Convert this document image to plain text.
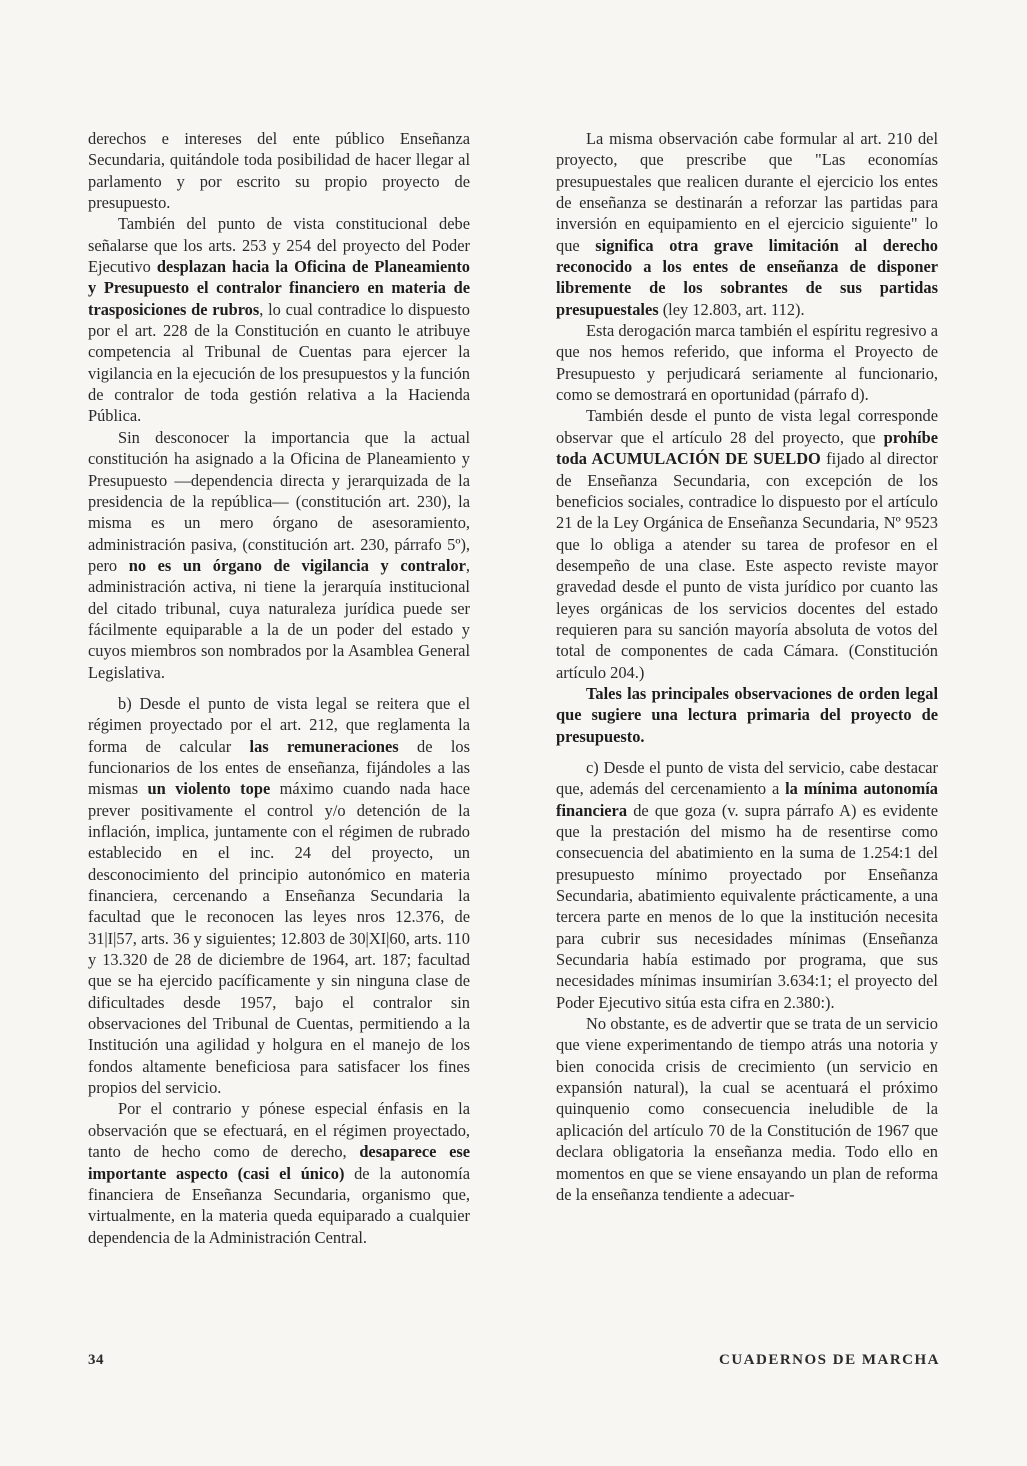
derechos e intereses del ente público Enseñanza Secundaria, quitándole toda posibilidad de hacer llegar al parlamento y por escrito su propio proyecto de presupuesto.

También del punto de vista constitucional debe señalarse que los arts. 253 y 254 del proyecto del Poder Ejecutivo desplazan hacia la Oficina de Planeamiento y Presupuesto el contralor financiero en materia de trasposiciones de rubros, lo cual contradice lo dispuesto por el art. 228 de la Constitución en cuanto le atribuye competencia al Tribunal de Cuentas para ejercer la vigilancia en la ejecución de los presupuestos y la función de contralor de toda gestión relativa a la Hacienda Pública.

Sin desconocer la importancia que la actual constitución ha asignado a la Oficina de Planeamiento y Presupuesto —dependencia directa y jerarquizada de la presidencia de la república— (constitución art. 230), la misma es un mero órgano de asesoramiento, administración pasiva, (constitución art. 230, párrafo 5º), pero no es un órgano de vigilancia y contralor, administración activa, ni tiene la jerarquía institucional del citado tribunal, cuya naturaleza jurídica puede ser fácilmente equiparable a la de un poder del estado y cuyos miembros son nombrados por la Asamblea General Legislativa.

b) Desde el punto de vista legal se reitera que el régimen proyectado por el art. 212, que reglamenta la forma de calcular las remuneraciones de los funcionarios de los entes de enseñanza, fijándoles a las mismas un violento tope máximo cuando nada hace prever positivamente el control y/o detención de la inflación, implica, juntamente con el régimen de rubrado establecido en el inc. 24 del proyecto, un desconocimiento del principio autonómico en materia financiera, cercenando a Enseñanza Secundaria la facultad que le reconocen las leyes nros 12.376, de 31|I|57, arts. 36 y siguientes; 12.803 de 30|XI|60, arts. 110 y 13.320 de 28 de diciembre de 1964, art. 187; facultad que se ha ejercido pacíficamente y sin ninguna clase de dificultades desde 1957, bajo el contralor sin observaciones del Tribunal de Cuentas, permitiendo a la Institución una agilidad y holgura en el manejo de los fondos altamente beneficiosa para satisfacer los fines propios del servicio.

Por el contrario y pónese especial énfasis en la observación que se efectuará, en el régimen proyectado, tanto de hecho como de derecho, desaparece ese importante aspecto (casi el único) de la autonomía financiera de Enseñanza Secundaria, organismo que, virtualmente, en la materia queda equiparado a cualquier dependencia de la Administración Central.

La misma observación cabe formular al art. 210 del proyecto, que prescribe que "Las economías presupuestales que realicen durante el ejercicio los entes de enseñanza se destinarán a reforzar las partidas para inversión en equipamiento en el ejercicio siguiente" lo que significa otra grave limitación al derecho reconocido a los entes de enseñanza de disponer libremente de los sobrantes de sus partidas presupuestales (ley 12.803, art. 112).

Esta derogación marca también el espíritu regresivo a que nos hemos referido, que informa el Proyecto de Presupuesto y perjudicará seriamente al funcionario, como se demostrará en oportunidad (párrafo d).

También desde el punto de vista legal corresponde observar que el artículo 28 del proyecto, que prohíbe toda ACUMULACIÓN DE SUELDO fijado al director de Enseñanza Secundaria, con excepción de los beneficios sociales, contradice lo dispuesto por el artículo 21 de la Ley Orgánica de Enseñanza Secundaria, Nº 9523 que lo obliga a atender su tarea de profesor en el desempeño de una clase. Este aspecto reviste mayor gravedad desde el punto de vista jurídico por cuanto las leyes orgánicas de los servicios docentes del estado requieren para su sanción mayoría absoluta de votos del total de componentes de cada Cámara. (Constitución artículo 204.)

Tales las principales observaciones de orden legal que sugiere una lectura primaria del proyecto de presupuesto.

c) Desde el punto de vista del servicio, cabe destacar que, además del cercenamiento a la mínima autonomía financiera de que goza (v. supra párrafo A) es evidente que la prestación del mismo ha de resentirse como consecuencia del abatimiento en la suma de 1.254:1 del presupuesto mínimo proyectado por Enseñanza Secundaria, abatimiento equivalente prácticamente, a una tercera parte en menos de lo que la institución necesita para cubrir sus necesidades mínimas (Enseñanza Secundaria había estimado por programa, que sus necesidades mínimas insumirían 3.634:1; el proyecto del Poder Ejecutivo sitúa esta cifra en 2.380:).

No obstante, es de advertir que se trata de un servicio que viene experimentando de tiempo atrás una notoria y bien conocida crisis de crecimiento (un servicio en expansión natural), la cual se acentuará el próximo quinquenio como consecuencia ineludible de la aplicación del artículo 70 de la Constitución de 1967 que declara obligatoria la enseñanza media. Todo ello en momentos en que se viene ensayando un plan de reforma de la enseñanza tendiente a adecuar-

34	CUADERNOS DE MARCHA
